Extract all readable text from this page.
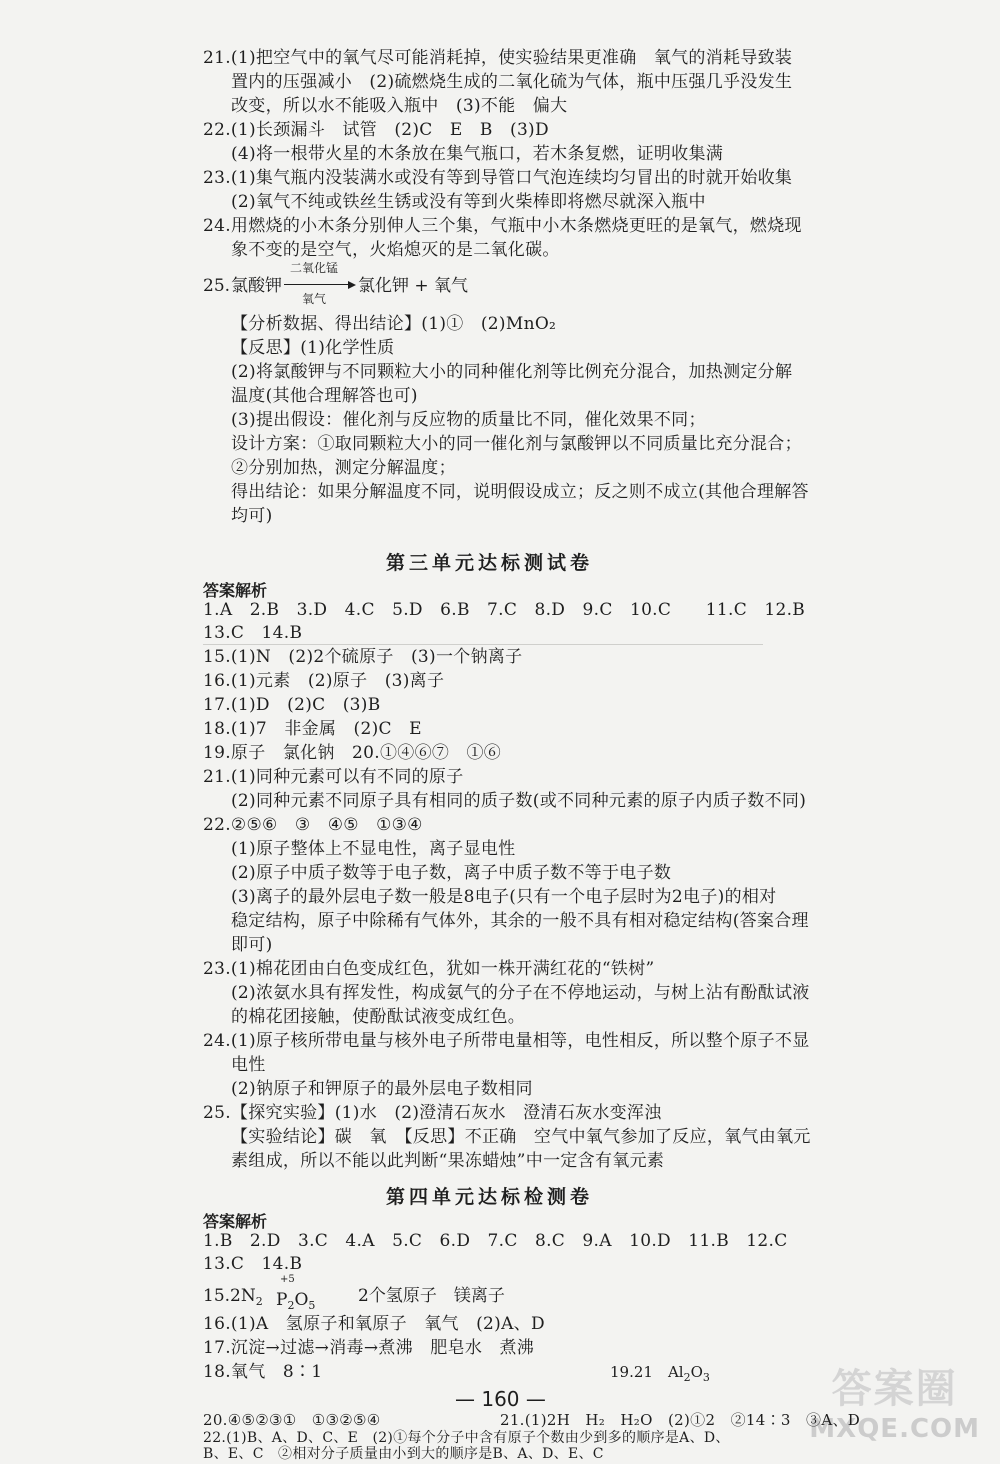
21.(1)把空气中的氧气尽可能消耗掉，使实验结果更准确　氧气的消耗导致装
置内的压强减小　(2)硫燃烧生成的二氧化硫为气体，瓶中压强几乎没发生
改变，所以水不能吸入瓶中　(3)不能　偏大
22.(1)长颈漏斗　试管　(2)C　E　B　(3)D
(4)将一根带火星的木条放在集气瓶口，若木条复燃，证明收集满
23.(1)集气瓶内没装满水或没有等到导管口气泡连续均匀冒出的时就开始收集
(2)氧气不纯或铁丝生锈或没有等到火柴棒即将燃尽就深入瓶中
24.用燃烧的小木条分别伸人三个集，气瓶中小木条燃烧更旺的是氧气，燃烧现
象不变的是空气，火焰熄灭的是二氧化碳。
25. 氯酸钾
二氧化锰
氧气
氯化钾 + 氧气
【分析数据、得出结论】(1)①　(2)MnO₂
【反思】(1)化学性质
(2)将氯酸钾与不同颗粒大小的同种催化剂等比例充分混合，加热测定分解
温度(其他合理解答也可)
(3)提出假设：催化剂与反应物的质量比不同，催化效果不同；
设计方案：①取同颗粒大小的同一催化剂与氯酸钾以不同质量比充分混合；
②分别加热，测定分解温度；
得出结论：如果分解温度不同，说明假设成立；反之则不成立(其他合理解答
均可)
第三单元达标测试卷
答案解析
1.A　2.B　3.D　4.C　5.D　6.B　7.C　8.D　9.C　10.C　　11.C　12.B
13.C　14.B
15.(1)N　(2)2个硫原子　(3)一个钠离子
16.(1)元素　(2)原子　(3)离子
17.(1)D　(2)C　(3)B
18.(1)7　非金属　(2)C　E
19.原子　氯化钠　20.①④⑥⑦　①⑥
21.(1)同种元素可以有不同的原子
(2)同种元素不同原子具有相同的质子数(或不同种元素的原子内质子数不同)
22.②⑤⑥　③　④⑤　①③④
(1)原子整体上不显电性，离子显电性
(2)原子中质子数等于电子数，离子中质子数不等于电子数
(3)离子的最外层电子数一般是8电子(只有一个电子层时为2电子)的相对
稳定结构，原子中除稀有气体外，其余的一般不具有相对稳定结构(答案合理
即可)
23.(1)棉花团由白色变成红色，犹如一株开满红花的“铁树”
(2)浓氨水具有挥发性，构成氨气的分子在不停地运动，与树上沾有酚酞试液
的棉花团接触，使酚酞试液变成红色。
24.(1)原子核所带电量与核外电子所带电量相等，电性相反，所以整个原子不显
电性
(2)钠原子和钾原子的最外层电子数相同
25.【探究实验】(1)水　(2)澄清石灰水　澄清石灰水变浑浊
【实验结论】碳　氧　【反思】不正确　空气中氧气参加了反应，氧气由氧元
素组成，所以不能以此判断“果冻蜡烛”中一定含有氧元素
第四单元达标检测卷
答案解析
1.B　2.D　3.C　4.A　5.C　6.D　7.C　8.C　9.A　10.D　11.B　12.C
13.C　14.B
$15.2N_2$
+5
$P_2O_5$	2个氢原子　镁离子
16.(1)A　氢原子和氧原子　氧气　(2)A、D
17.沉淀→过滤→消毒→煮沸　肥皂水　煮沸
18.氧气　8∶1
— 160 —	答案圈
MXQE.COM
19.21　$Al_2O_3$
20.④⑤②③①　①③②⑤④	21.(1)2H　H₂　H₂O　(2)①2　②14∶3　③A、D
22.(1)B、A、D、C、E　(2)①每个分子中含有原子个数由少到多的顺序是A、D、
B、E、C　②相对分子质量由小到大的顺序是B、A、D、E、C
